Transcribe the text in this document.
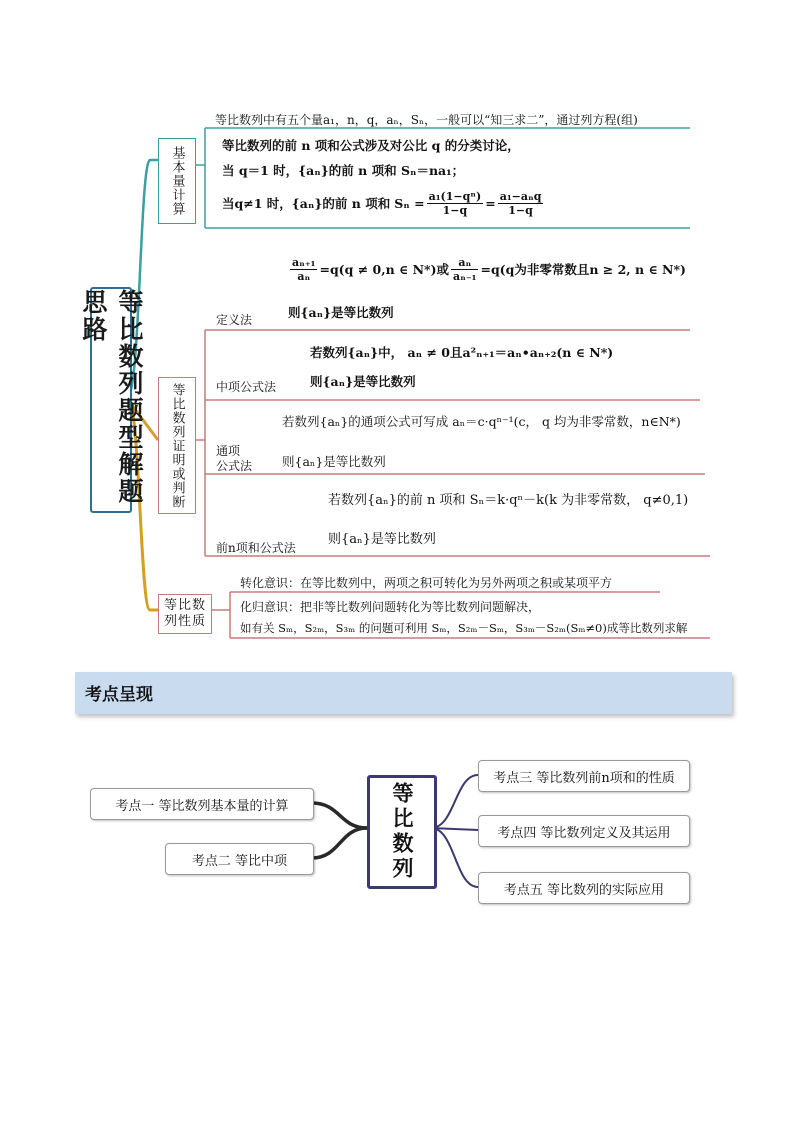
等比数列题型解题思路
基本量计算
等比数列中有五个量a₁，n，q，aₙ，Sₙ，一般可以“知三求二”，通过列方程(组)
等比数列的前 n 项和公式涉及对公比 q 的分类讨论，
当 q＝1 时，{aₙ}的前 n 项和 Sₙ＝na₁；
当q≠1 时，{aₙ}的前 n 项和 $S_n = \frac{\text{a₁(1−qⁿ)}}{1-q} = \frac{\text{a₁−aₙq}}{1-q}$
等比数列证明或判断
定义法
$\frac{\text{aₙ₊₁}}{\text{aₙ}} =q(q \ne 0,n$ ∈ N*)或 $\frac{\text{aₙ}}{\text{aₙ₋₁}} =q(q$为非零常数且n ≥ 2, n ∈ N*)
则{aₙ}是等比数列
中项公式法
若数列{aₙ}中， aₙ ≠ 0且a²ₙ₊₁＝aₙ•aₙ₊₂(n ∈ N*)
则{aₙ}是等比数列
通项
公式法
若数列{aₙ}的通项公式可写成 aₙ＝c·qⁿ⁻¹(c， q 均为非零常数，n∈N*)
则{aₙ}是等比数列
前n项和公式法
若数列{aₙ}的前 n 项和 Sₙ＝k·qⁿ－k(k 为非零常数， q≠0,1)
则{aₙ}是等比数列
等比数
列性质
转化意识：在等比数列中，两项之积可转化为另外两项之积或某项平方
化归意识：把非等比数列问题转化为等比数列问题解决，
如有关 Sₘ，S₂ₘ，S₃ₘ 的问题可利用 Sₘ，S₂ₘ－Sₘ，S₃ₘ－S₂ₘ(Sₘ≠0)成等比数列求解
考点呈现
等比数列
考点一 等比数列基本量的计算
考点二 等比中项
考点三 等比数列前n项和的性质
考点四 等比数列定义及其运用
考点五 等比数列的实际应用
